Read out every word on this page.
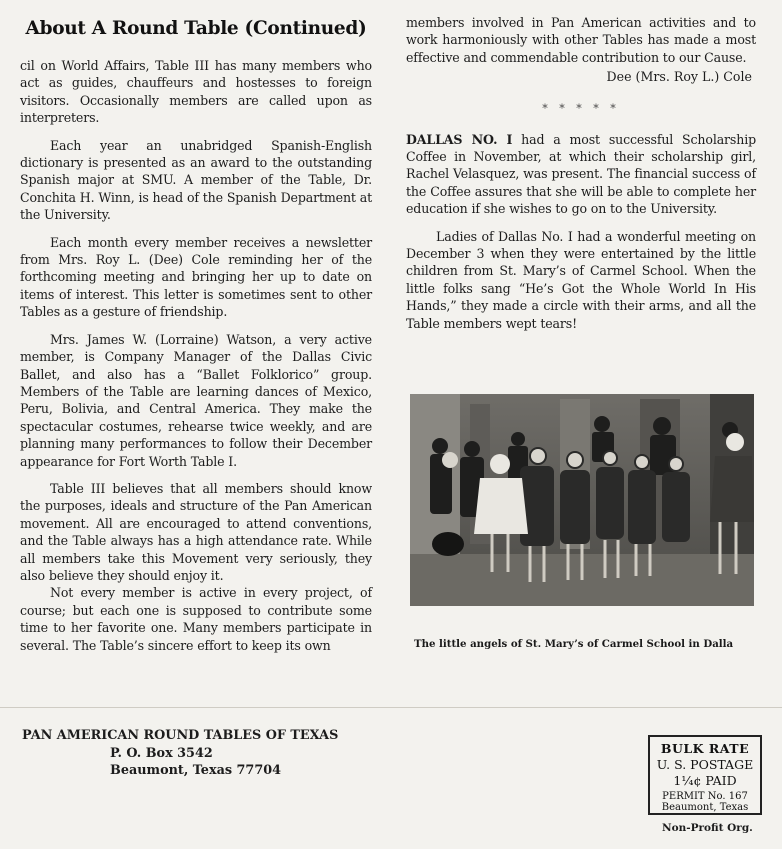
About A Round Table (Continued)

cil on World Affairs, Table III has many members who act as guides, chauffeurs and hostesses to foreign visitors. Occasionally members are called upon as interpreters.

Each year an unabridged Spanish-English dictionary is presented as an award to the outstanding Spanish major at SMU. A member of the Table, Dr. Conchita H. Winn, is head of the Spanish Department at the University.

Each month every member receives a newsletter from Mrs. Roy L. (Dee) Cole reminding her of the forthcoming meeting and bringing her up to date on items of interest. This letter is sometimes sent to other Tables as a gesture of friendship.

Mrs. James W. (Lorraine) Watson, a very active member, is Company Manager of the Dallas Civic Ballet, and also has a “Ballet Folklorico” group. Members of the Table are learning dances of Mexico, Peru, Bolivia, and Central America. They make the spectacular costumes, rehearse twice weekly, and are planning many performances to follow their December appearance for Fort Worth Table I.

Table III believes that all members should know the purposes, ideals and structure of the Pan American movement. All are encouraged to attend conventions, and the Table always has a high attendance rate. While all members take this Movement very seriously, they also believe they should enjoy it.

Not every member is active in every project, of course; but each one is supposed to contribute some time to her favorite one. Many members participate in several. The Table’s sincere effort to keep its own

members involved in Pan American activities and to work harmoniously with other Tables has made a most effective and commendable contribution to our Cause.

Dee (Mrs. Roy L.) Cole
* * * * *

DALLAS NO. I had a most successful Scholarship Coffee in November, at which their scholarship girl, Rachel Velasquez, was present. The financial success of the Coffee assures that she will be able to complete her education if she wishes to go on to the University.

Ladies of Dallas No. I had a wonderful meeting on December 3 when they were entertained by the little children from St. Mary’s of Carmel School. When the little folks sang “He’s Got the Whole World In His Hands,” they made a circle with their arms, and all the Table members wept tears!

The little angels of St. Mary’s of Carmel School in Dalla
PAN AMERICAN ROUND TABLES OF TEXAS
P. O. Box 3542
Beaumont, Texas 77704
BULK RATE
U. S. POSTAGE
1¼¢ PAID
PERMIT No. 167
Beaumont, Texas
Non-Profit Org.
